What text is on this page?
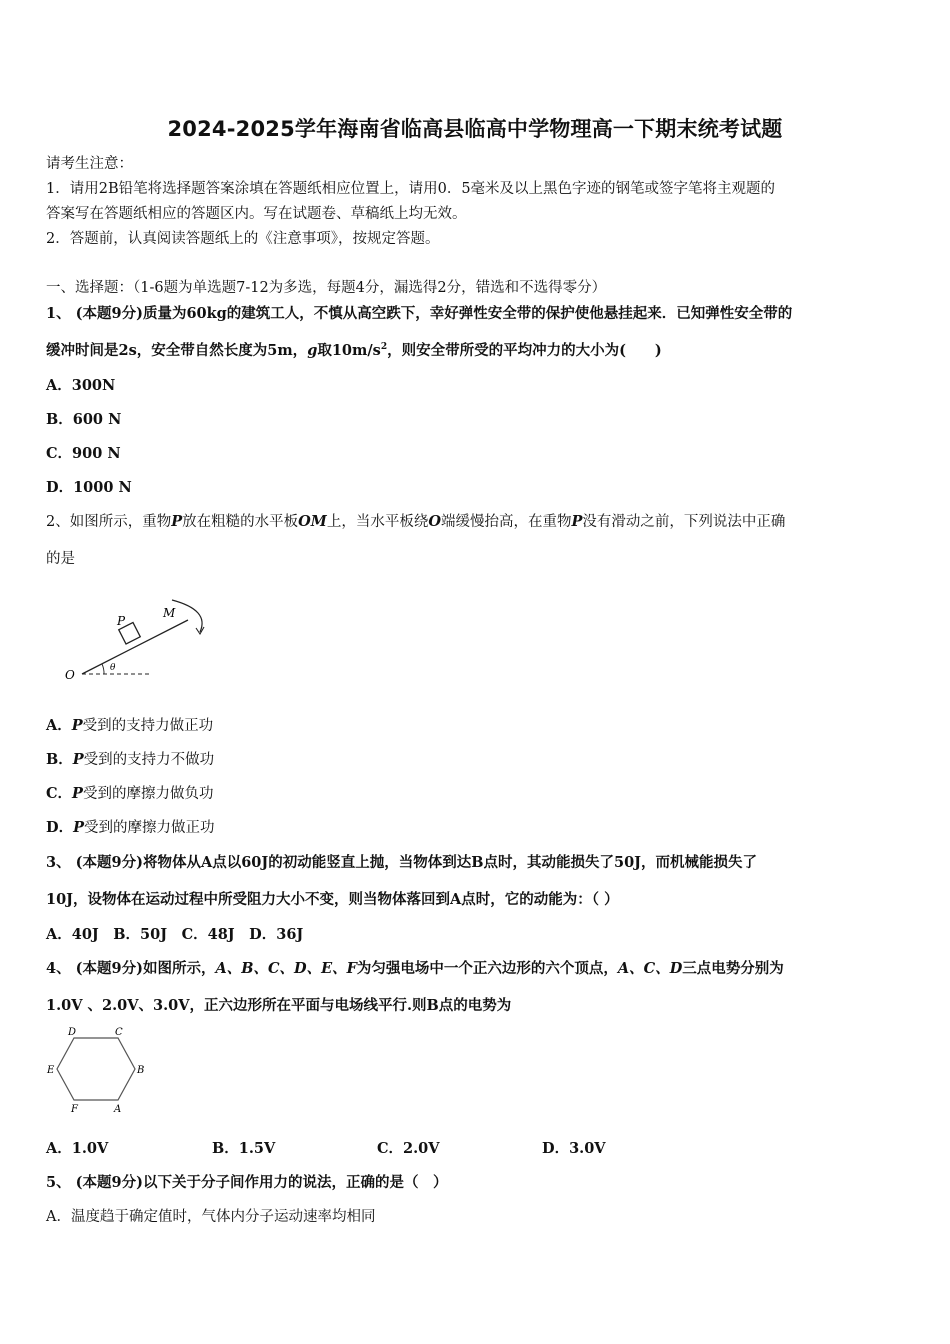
2024-2025学年海南省临高县临高中学物理高一下期末统考试题
请考生注意：
1．请用2B铅笔将选择题答案涂填在答题纸相应位置上，请用0．5毫米及以上黑色字迹的钢笔或签字笔将主观题的
答案写在答题纸相应的答题区内。写在试题卷、草稿纸上均无效。
2．答题前，认真阅读答题纸上的《注意事项》，按规定答题。
一、选择题：（1-6题为单选题7-12为多选，每题4分，漏选得2分，错选和不选得零分）
1、 (本题9分)质量为60kg的建筑工人，不慎从高空跌下，幸好弹性安全带的保护使他悬挂起来．已知弹性安全带的
缓冲时间是2s，安全带自然长度为5m，g取$10m/s^2$，则安全带所受的平均冲力的大小为(　　)
A．300N
B．600 N
C．900 N
D．1000 N
2、如图所示，重物P放在粗糙的水平板OM上，当水平板绕O端缓慢抬高，在重物P没有滑动之前，下列说法中正确
的是
P
M
O	θ
A．P受到的支持力做正功
B．P受到的支持力不做功
C．P受到的摩擦力做负功
D．P受到的摩擦力做正功
3、 (本题9分)将物体从A点以60J的初动能竖直上抛，当物体到达B点时，其动能损失了50J，而机械能损失了
10J，设物体在运动过程中所受阻力大小不变，则当物体落回到A点时，它的动能为：（ ）
A．40J　B．50J　C．48J　D．36J
4、 (本题9分)如图所示，A、B、C、D、E、F为匀强电场中一个正六边形的六个顶点，A、C、D三点电势分别为
1.0V 、2.0V、3.0V，正六边形所在平面与电场线平行.则B点的电势为
D	C
E	B
F	A
A．1.0V	B．1.5V	C．2.0V	D．3.0V
5、 (本题9分)以下关于分子间作用力的说法，正确的是（　）
A．温度趋于确定值时，气体内分子运动速率均相同
